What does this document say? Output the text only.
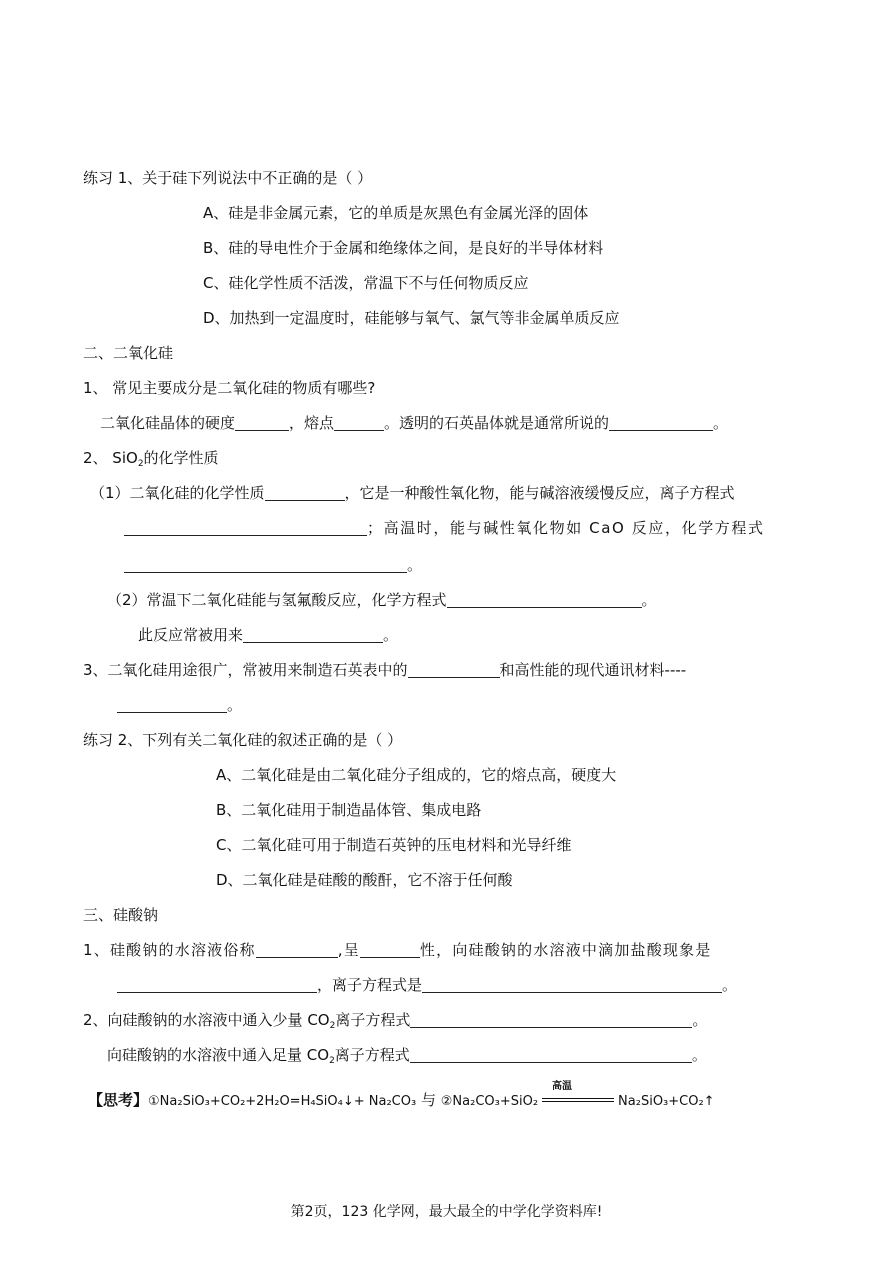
练习 1、关于硅下列说法中不正确的是（ ）
A、硅是非金属元素，它的单质是灰黑色有金属光泽的固体
B、硅的导电性介于金属和绝缘体之间，是良好的半导体材料
C、硅化学性质不活泼，常温下不与任何物质反应
D、加热到一定温度时，硅能够与氧气、氯气等非金属单质反应
二、二氧化硅
1、 常见主要成分是二氧化硅的物质有哪些?
二氧化硅晶体的硬度	，熔点	。透明的石英晶体就是通常所说的	。
2、 SiO$_2$的化学性质
（1）二氧化硅的化学性质	，它是一种酸性氧化物，能与碱溶液缓慢反应，离子方程式
；高温时，能与碱性氧化物如 CaO 反应，化学方程式
。
（2）常温下二氧化硅能与氢氟酸反应，化学方程式	。
此反应常被用来	。
3、二氧化硅用途很广，常被用来制造石英表中的	和高性能的现代通讯材料----
。
练习 2、下列有关二氧化硅的叙述正确的是（ ）
A、二氧化硅是由二氧化硅分子组成的，它的熔点高，硬度大
B、二氧化硅用于制造晶体管、集成电路
C、二氧化硅可用于制造石英钟的压电材料和光导纤维
D、二氧化硅是硅酸的酸酐，它不溶于任何酸
三、硅酸钠
1、硅酸钠的水溶液俗称	,呈	性，向硅酸钠的水溶液中滴加盐酸现象是
，离子方程式是	。
2、向硅酸钠的水溶液中通入少量 $CO_2$离子方程式	。
向硅酸钠的水溶液中通入足量 $CO_2$离子方程式	。
【思考】①Na₂SiO₃+CO₂+2H₂O=H₄SiO₄↓+ Na₂CO₃ 与 ②Na₂CO₃+SiO₂
高温
Na₂SiO₃+CO₂↑
第2页，123 化学网，最大最全的中学化学资料库!
